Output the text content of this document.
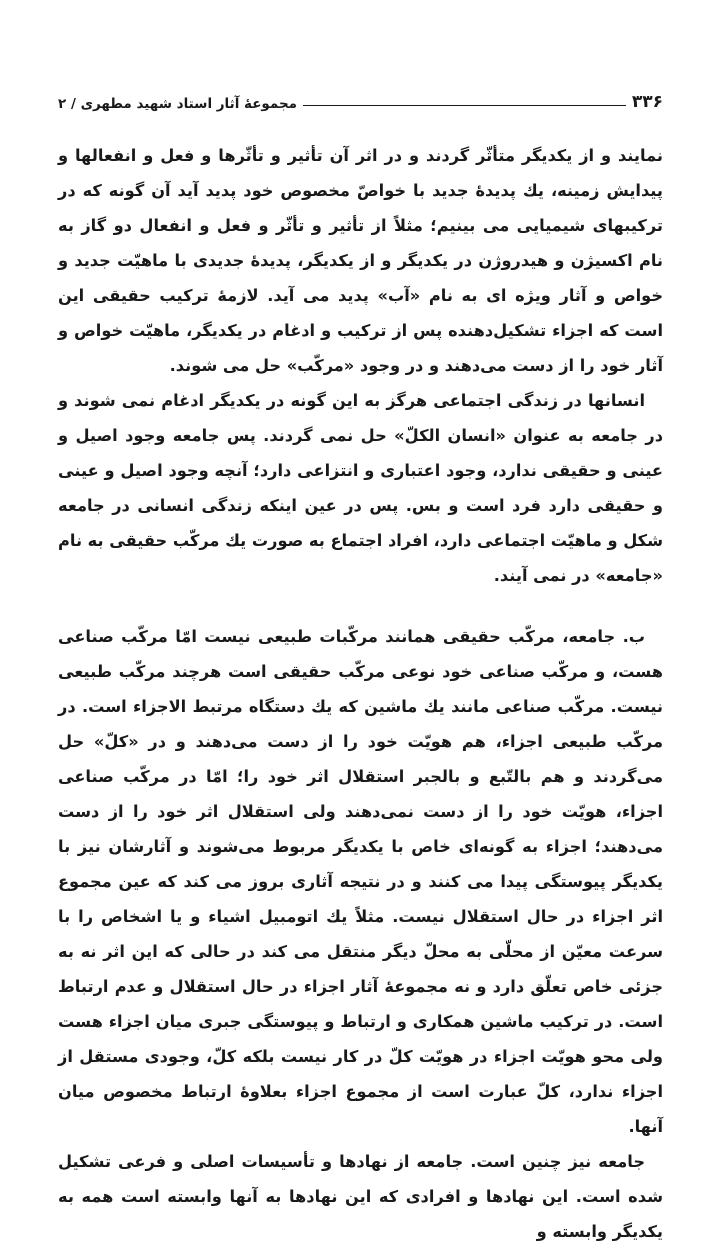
۳۳۶
مجموعهٔ آثار استاد شهید مطهری / ۲

نمایند و از یکدیگر متأثّر گردند و در اثر آن تأثیر و تأثّرها و فعل و انفعالها و پیدایش زمینه، یك پدیدهٔ جدید با خواصّ مخصوص خود پدید آید آن گونه که در ترکیبهای شیمیایی می بینیم؛ مثلاً از تأثیر و تأثّر و فعل و انفعال دو گاز به نام اکسیژن و هیدروژن در یکدیگر و از یکدیگر، پدیدهٔ جدیدی با ماهیّت جدید و خواص و آثار ویژه ای به نام «آب» پدید می آید. لازمهٔ ترکیب حقیقی این است که اجزاء تشکیل‌دهنده پس از ترکیب و ادغام در یکدیگر، ماهیّت خواص و آثار خود را از دست می‌دهند و در وجود «مرکّب» حل می شوند.

انسانها در زندگی اجتماعی هرگز به این گونه در یکدیگر ادغام نمی شوند و در جامعه به عنوان «انسان الکلّ» حل نمی گردند. پس جامعه وجود اصیل و عینی و حقیقی ندارد، وجود اعتباری و انتزاعی دارد؛ آنچه وجود اصیل و عینی و حقیقی دارد فرد است و بس. پس در عین اینکه زندگی انسانی در جامعه شکل و ماهیّت اجتماعی دارد، افراد اجتماع به صورت یك مرکّب حقیقی به نام «جامعه» در نمی آیند.

ب. جامعه، مرکّب حقیقی همانند مرکّبات طبیعی نیست امّا مرکّب صناعی هست، و مرکّب صناعی خود نوعی مرکّب حقیقی است هرچند مرکّب طبیعی نیست. مرکّب صناعی مانند یك ماشین که یك دستگاه مرتبط الاجزاء است. در مرکّب طبیعی اجزاء، هم هویّت خود را از دست می‌دهند و در «کلّ» حل می‌گردند و هم بالتّبع و بالجبر استقلال اثر خود را؛ امّا در مرکّب صناعی اجزاء، هویّت خود را از دست نمی‌دهند ولی استقلال اثر خود را از دست می‌دهند؛ اجزاء به گونه‌ای خاص با یکدیگر مربوط می‌شوند و آثارشان نیز با یکدیگر پیوستگی پیدا می کنند و در نتیجه آثاری بروز می کند که عین مجموع اثر اجزاء در حال استقلال نیست. مثلاً یك اتومبیل اشیاء و یا اشخاص را با سرعت معیّن از محلّی به محلّ دیگر منتقل می کند در حالی که این اثر نه به جزئی خاص تعلّق دارد و نه مجموعهٔ آثار اجزاء در حال استقلال و عدم ارتباط است. در ترکیب ماشین همکاری و ارتباط و پیوستگی جبری میان اجزاء هست ولی محو هویّت اجزاء در هویّت کلّ در کار نیست بلکه کلّ، وجودی مستقل از اجزاء ندارد، کلّ عبارت است از مجموع اجزاء بعلاوهٔ ارتباط مخصوص میان آنها.

جامعه نیز چنین است. جامعه از نهادها و تأسیسات اصلی و فرعی تشکیل شده است. این نهادها و افرادی که این نهادها به آنها وابسته است همه به یکدیگر وابسته و
